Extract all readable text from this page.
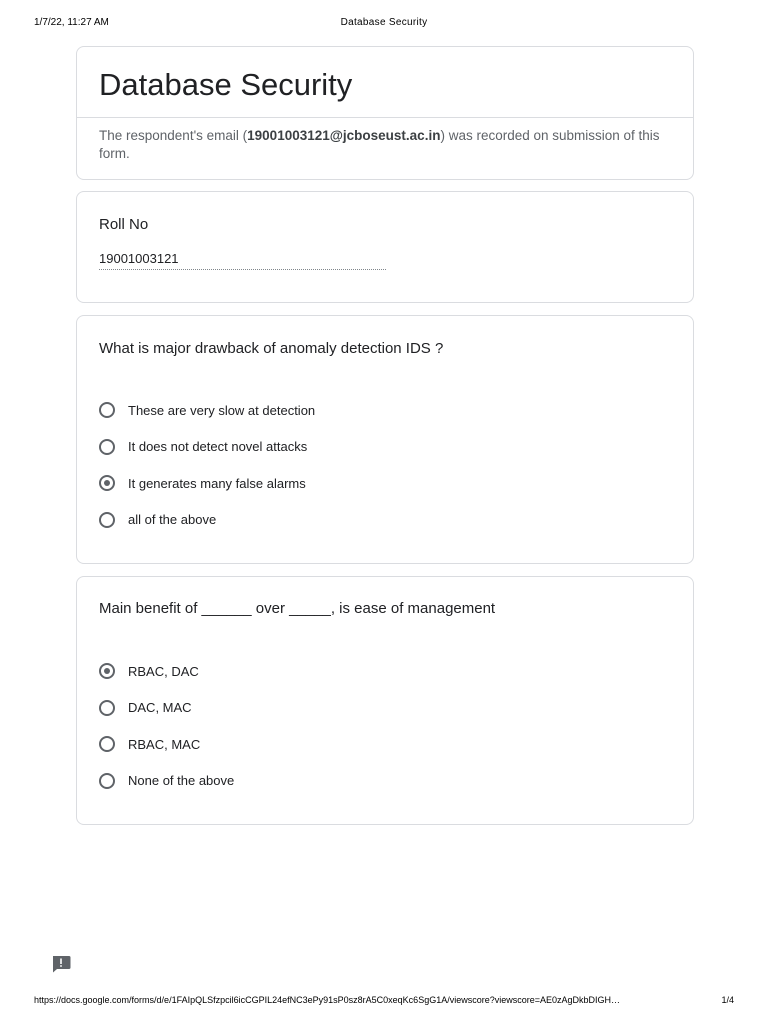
1/7/22, 11:27 AM	Database Security
Database Security
The respondent's email (19001003121@jcboseust.ac.in) was recorded on submission of this form.
Roll No
19001003121
What is major drawback of anomaly detection IDS ?
These are very slow at detection
It does not detect novel attacks
It generates many false alarms
all of the above
Main benefit of ______ over _____, is ease of management
RBAC, DAC
DAC, MAC
RBAC, MAC
None of the above
https://docs.google.com/forms/d/e/1FAIpQLSfzpcil6icCGPIL24efNC3ePy91sP0sz8rA5C0xeqKc6SgG1A/viewscore?viewscore=AE0zAgDkbDIGH…	1/4
